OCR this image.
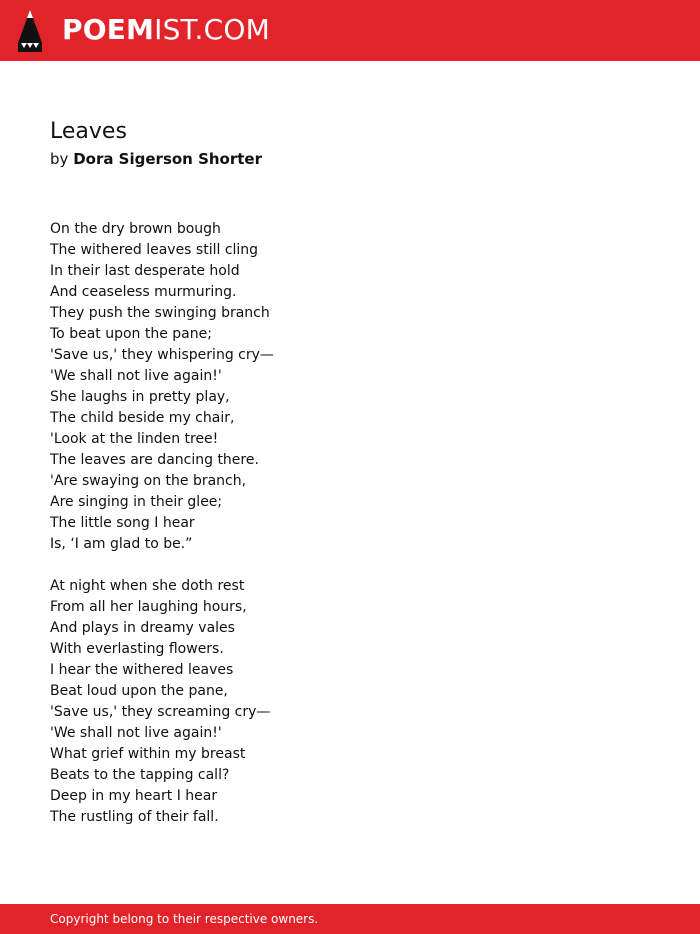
POEMIST.COM
Leaves
by Dora Sigerson Shorter
On the dry brown bough
The withered leaves still cling
In their last desperate hold
And ceaseless murmuring.
They push the swinging branch
To beat upon the pane;
'Save us,' they whispering cry—
'We shall not live again!'
She laughs in pretty play,
The child beside my chair,
'Look at the linden tree!
The leaves are dancing there.
'Are swaying on the branch,
Are singing in their glee;
The little song I hear
Is, ‘I am glad to be.”
At night when she doth rest
From all her laughing hours,
And plays in dreamy vales
With everlasting flowers.
I hear the withered leaves
Beat loud upon the pane,
'Save us,' they screaming cry—
'We shall not live again!'
What grief within my breast
Beats to the tapping call?
Deep in my heart I hear
The rustling of their fall.
Copyright belong to their respective owners.
